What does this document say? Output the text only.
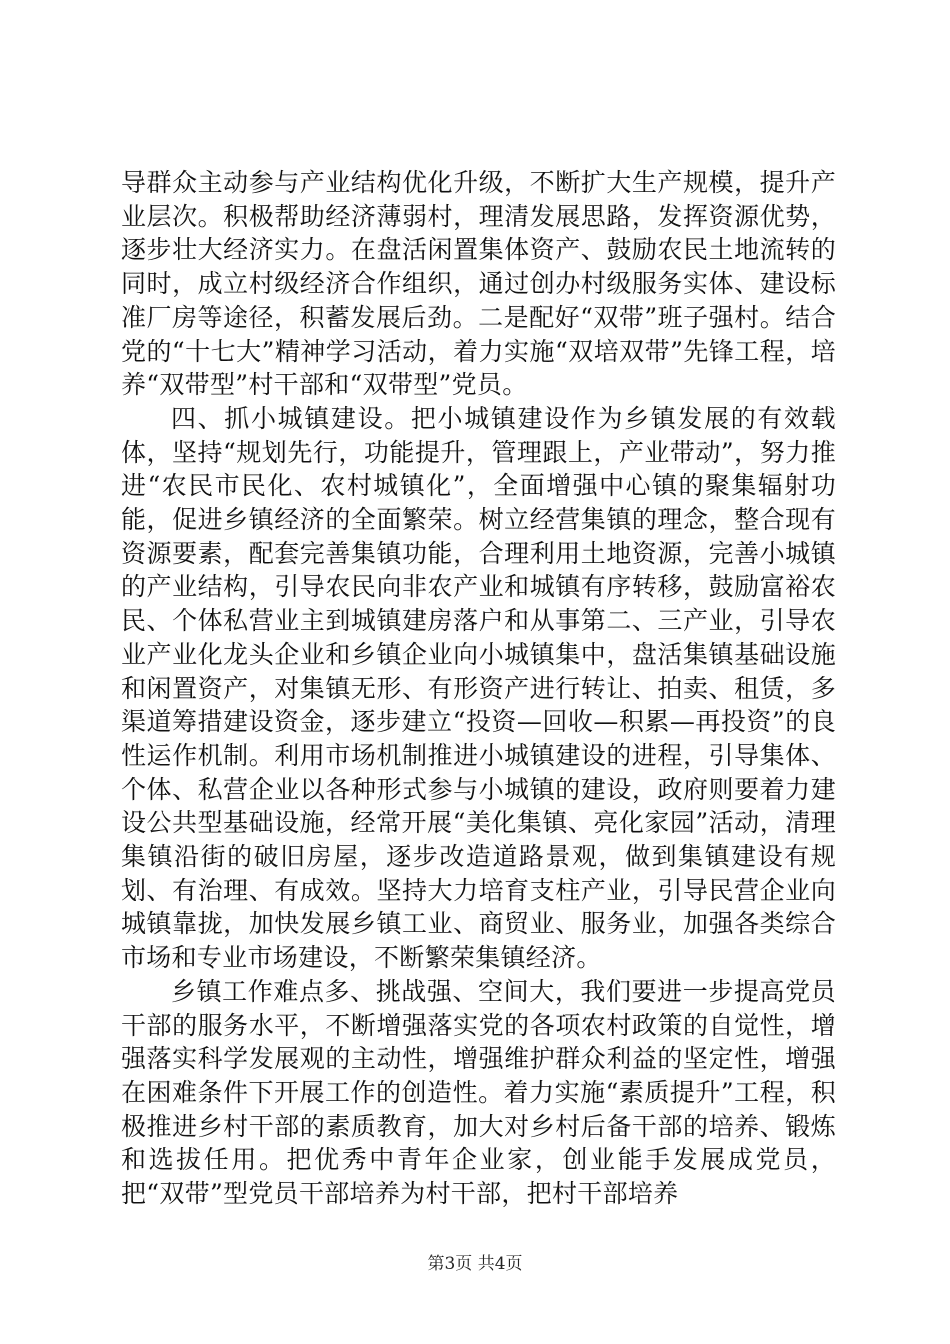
导群众主动参与产业结构优化升级，不断扩大生产规模，提升产业层次。积极帮助经济薄弱村，理清发展思路，发挥资源优势，逐步壮大经济实力。在盘活闲置集体资产、鼓励农民土地流转的同时，成立村级经济合作组织，通过创办村级服务实体、建设标准厂房等途径，积蓄发展后劲。二是配好“双带”班子强村。结合党的“十七大”精神学习活动，着力实施“双培双带”先锋工程，培养“双带型”村干部和“双带型”党员。

四、抓小城镇建设。把小城镇建设作为乡镇发展的有效载体，坚持“规划先行，功能提升，管理跟上，产业带动”，努力推进“农民市民化、农村城镇化”，全面增强中心镇的聚集辐射功能，促进乡镇经济的全面繁荣。树立经营集镇的理念，整合现有资源要素，配套完善集镇功能，合理利用土地资源，完善小城镇的产业结构，引导农民向非农产业和城镇有序转移，鼓励富裕农民、个体私营业主到城镇建房落户和从事第二、三产业，引导农业产业化龙头企业和乡镇企业向小城镇集中，盘活集镇基础设施和闲置资产，对集镇无形、有形资产进行转让、拍卖、租赁，多渠道筹措建设资金，逐步建立“投资—回收—积累—再投资”的良性运作机制。利用市场机制推进小城镇建设的进程，引导集体、个体、私营企业以各种形式参与小城镇的建设，政府则要着力建设公共型基础设施，经常开展“美化集镇、亮化家园”活动，清理集镇沿街的破旧房屋，逐步改造道路景观，做到集镇建设有规划、有治理、有成效。坚持大力培育支柱产业，引导民营企业向城镇靠拢，加快发展乡镇工业、商贸业、服务业，加强各类综合市场和专业市场建设，不断繁荣集镇经济。

乡镇工作难点多、挑战强、空间大，我们要进一步提高党员干部的服务水平，不断增强落实党的各项农村政策的自觉性，增强落实科学发展观的主动性，增强维护群众利益的坚定性，增强在困难条件下开展工作的创造性。着力实施“素质提升”工程，积极推进乡村干部的素质教育，加大对乡村后备干部的培养、锻炼和选拔任用。把优秀中青年企业家，创业能手发展成党员，把“双带”型党员干部培养为村干部，把村干部培养

第3页 共4页
